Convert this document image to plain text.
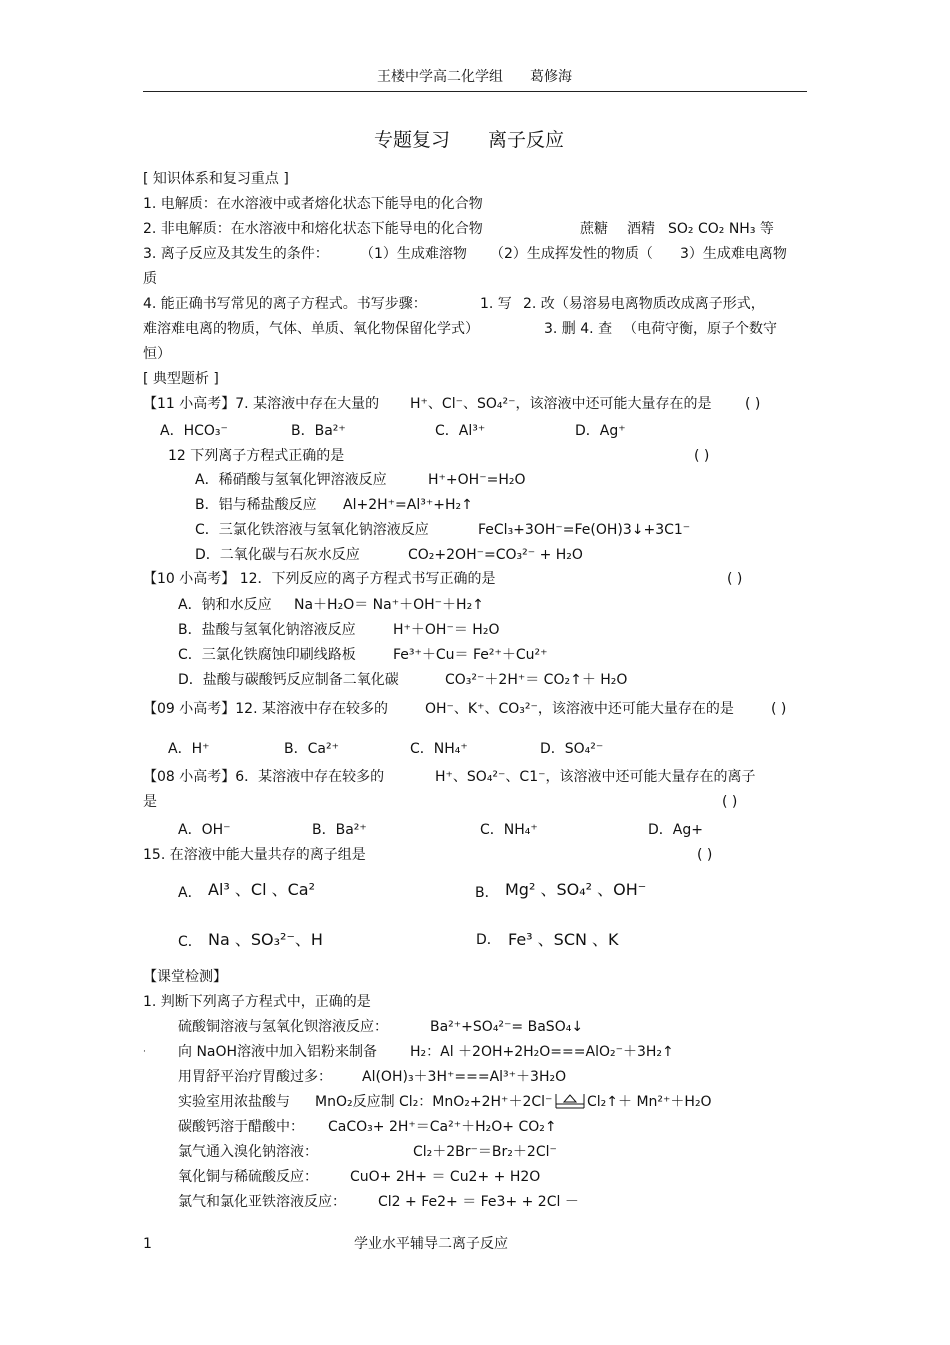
王楼中学高二化学组 葛修海
专题复习 离子反应
[ 知识体系和复习重点 ]
1. 电解质：在水溶液中或者熔化状态下能导电的化合物
2. 非电解质：在水溶液中和熔化状态下能导电的化合物	蔗糖 酒精 SO₂ CO₂ NH₃ 等
3. 离子反应及其发生的条件： （1）生成难溶物 （2）生成挥发性的物质（ 3）生成难电离物
质
4. 能正确书写常见的离子方程式。书写步骤：	1. 写 2. 改（易溶易电离物质改成离子形式，
难溶难电离的物质，气体、单质、氧化物保留化学式）	3. 删 4. 查 （电荷守衡，原子个数守
恒）
[ 典型题析 ]
【11 小高考】7. 某溶液中存在大量的 H⁺、Cl⁻、SO₄²⁻，该溶液中还可能大量存在的是 ( )
A．HCO₃⁻	B．Ba²⁺	C．Al³⁺	D．Ag⁺
12 下列离子方程式正确的是	( )
A．稀硝酸与氢氧化钾溶液反应	H⁺+OH⁻=H₂O
B．铝与稀盐酸反应 Al+2H⁺=Al³⁺+H₂↑
C．三氯化铁溶液与氢氧化钠溶液反应	FeCl₃+3OH⁻=Fe(OH)3↓+3C1⁻
D．二氧化碳与石灰水反应	CO₂+2OH⁻=CO₃²⁻ + H₂O
【10 小高考】 12．下列反应的离子方程式书写正确的是	( )
A．钠和水反应 Na＋H₂O＝ Na⁺＋OH⁻＋H₂↑
B．盐酸与氢氧化钠溶液反应	H⁺＋OH⁻＝ H₂O
C．三氯化铁腐蚀印刷线路板	Fe³⁺＋Cu＝ Fe²⁺＋Cu²⁺
D．盐酸与碳酸钙反应制备二氧化碳	CO₃²⁻＋2H⁺＝ CO₂↑＋ H₂O
【09 小高考】12. 某溶液中存在较多的	OH⁻、K⁺、CO₃²⁻，该溶液中还可能大量存在的是	( )
A．H⁺	B．Ca²⁺	C．NH₄⁺	D．SO₄²⁻
【08 小高考】6．某溶液中存在较多的	H⁺、SO₄²⁻、C1⁻，该溶液中还可能大量存在的离子
是	( )
A．OH⁻	B．Ba²⁺	C．NH₄⁺	D．Ag+
15. 在溶液中能大量共存的离子组是	( )
A． Al³ 、Cl 、Ca²	B． Mg² 、SO₄² 、OH⁻
C． Na 、SO₃²⁻、H	D． Fe³ 、SCN 、K
【课堂检测】
1. 判断下列离子方程式中，正确的是
硫酸铜溶液与氢氧化钡溶液反应：	Ba²⁺+SO₄²⁻= BaSO₄↓
· 向 NaOH溶液中加入铝粉来制备 H₂：Al ＋2OH+2H₂O===AlO₂⁻＋3H₂↑
用胃舒平治疗胃酸过多： Al(OH)₃＋3H⁺===Al³⁺＋3H₂O
实验室用浓盐酸与 MnO₂反应制 Cl₂：MnO₂+2H⁺＋2Cl⁻ Cl₂↑＋ Mn²⁺＋H₂O
碳酸钙溶于醋酸中： CaCO₃+ 2H⁺＝Ca²⁺＋H₂O+ CO₂↑
氯气通入溴化钠溶液：	Cl₂＋2Br⁻＝Br₂＋2Cl⁻
氧化铜与稀硫酸反应： CuO+ 2H+ ＝ Cu2+ + H2O
氯气和氯化亚铁溶液反应： Cl2 + Fe2+ ＝ Fe3+ + 2Cl －
1	学业水平辅导二离子反应
